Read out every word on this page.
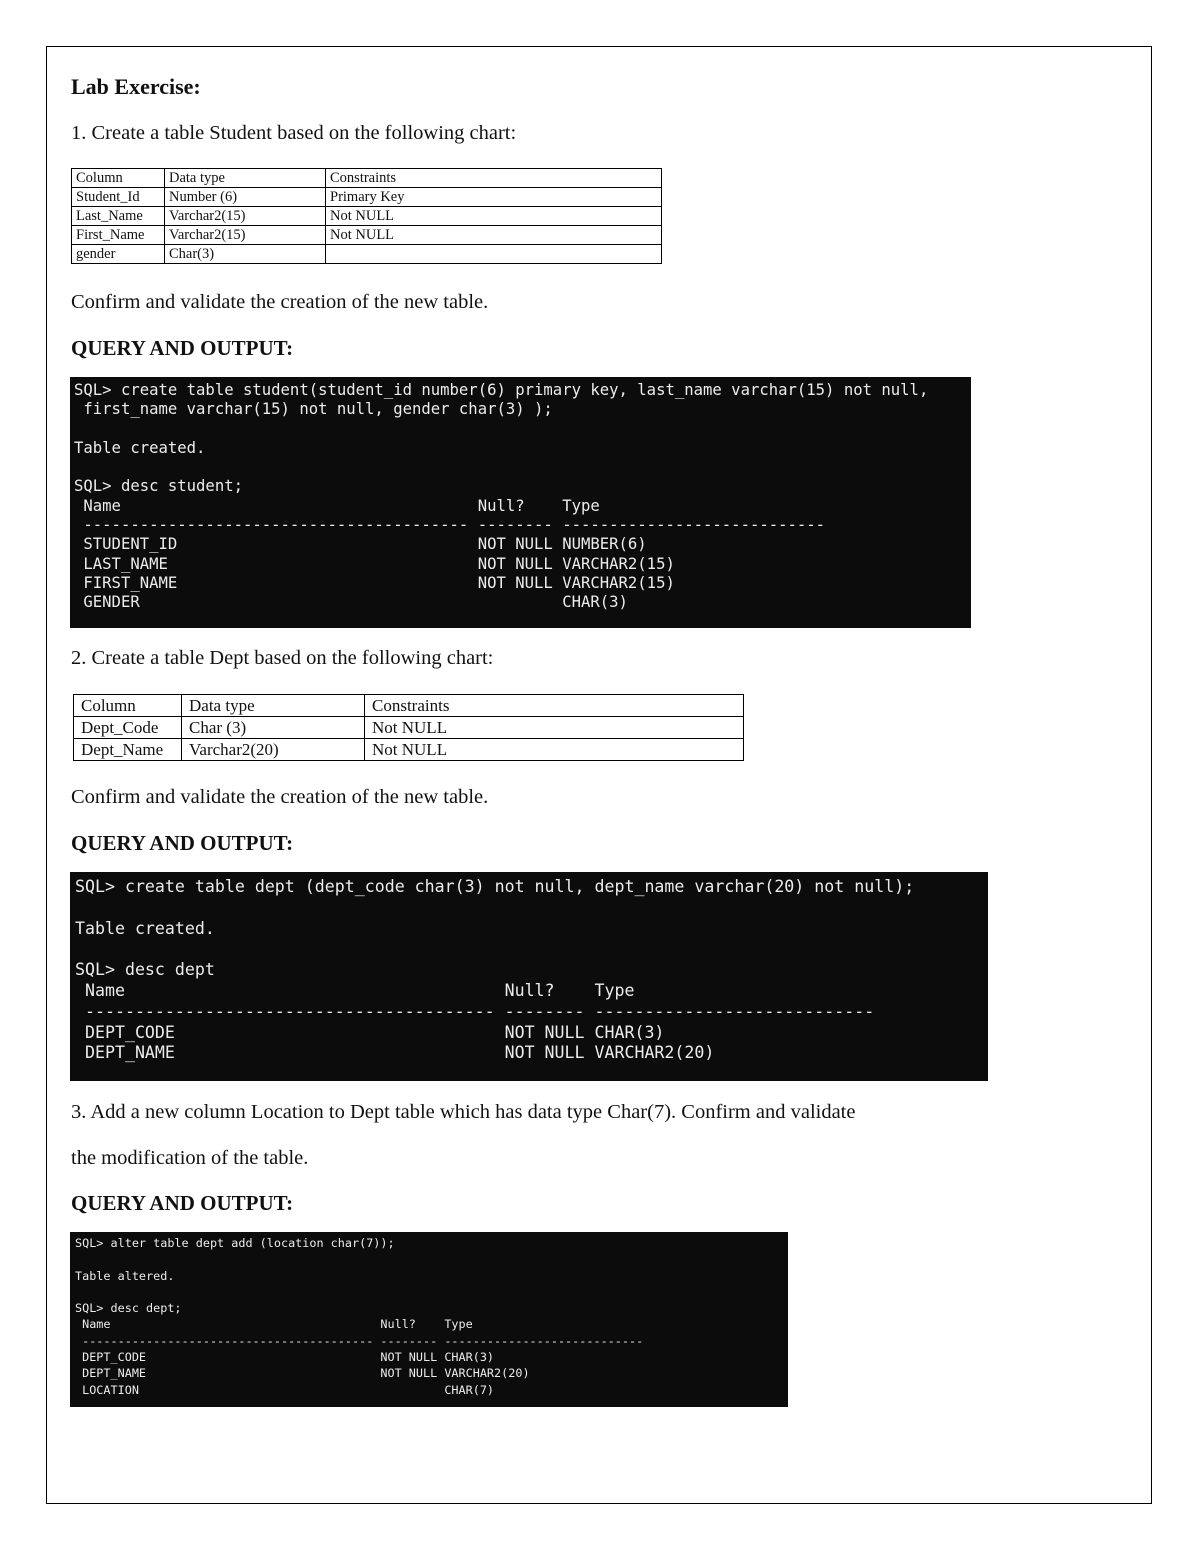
Lab Exercise:
1. Create a table Student based on the following chart:
Column	Data type	Constraints
Student_Id	Number (6)	Primary Key
Last_Name	Varchar2(15)	Not NULL
First_Name	Varchar2(15)	Not NULL
gender	Char(3)	
Confirm and validate the creation of the new table.
QUERY AND OUTPUT:
SQL> create table student(student_id number(6) primary key, last_name varchar(15) not null,
first_name varchar(15) not null, gender char(3) );

Table created.

SQL> desc student;
Name                                      Null?    Type
----------------------------------------- -------- ----------------------------
STUDENT_ID                                NOT NULL NUMBER(6)
LAST_NAME                                 NOT NULL VARCHAR2(15)
FIRST_NAME                                NOT NULL VARCHAR2(15)
GENDER                                             CHAR(3)
2. Create a table Dept based on the following chart:
Column	Data type	Constraints
Dept_Code	Char (3)	Not NULL
Dept_Name	Varchar2(20)	Not NULL
Confirm and validate the creation of the new table.
QUERY AND OUTPUT:
SQL> create table dept (dept_code char(3) not null, dept_name varchar(20) not null);

Table created.

SQL> desc dept
Name                                      Null?    Type
----------------------------------------- -------- ----------------------------
DEPT_CODE                                 NOT NULL CHAR(3)
DEPT_NAME                                 NOT NULL VARCHAR2(20)
3. Add a new column Location to Dept table which has data type Char(7). Confirm and validate
the modification of the table.
QUERY AND OUTPUT:
SQL> alter table dept add (location char(7));

Table altered.

SQL> desc dept;
Name                                      Null?    Type
----------------------------------------- -------- ----------------------------
DEPT_CODE                                 NOT NULL CHAR(3)
DEPT_NAME                                 NOT NULL VARCHAR2(20)
LOCATION                                           CHAR(7)
